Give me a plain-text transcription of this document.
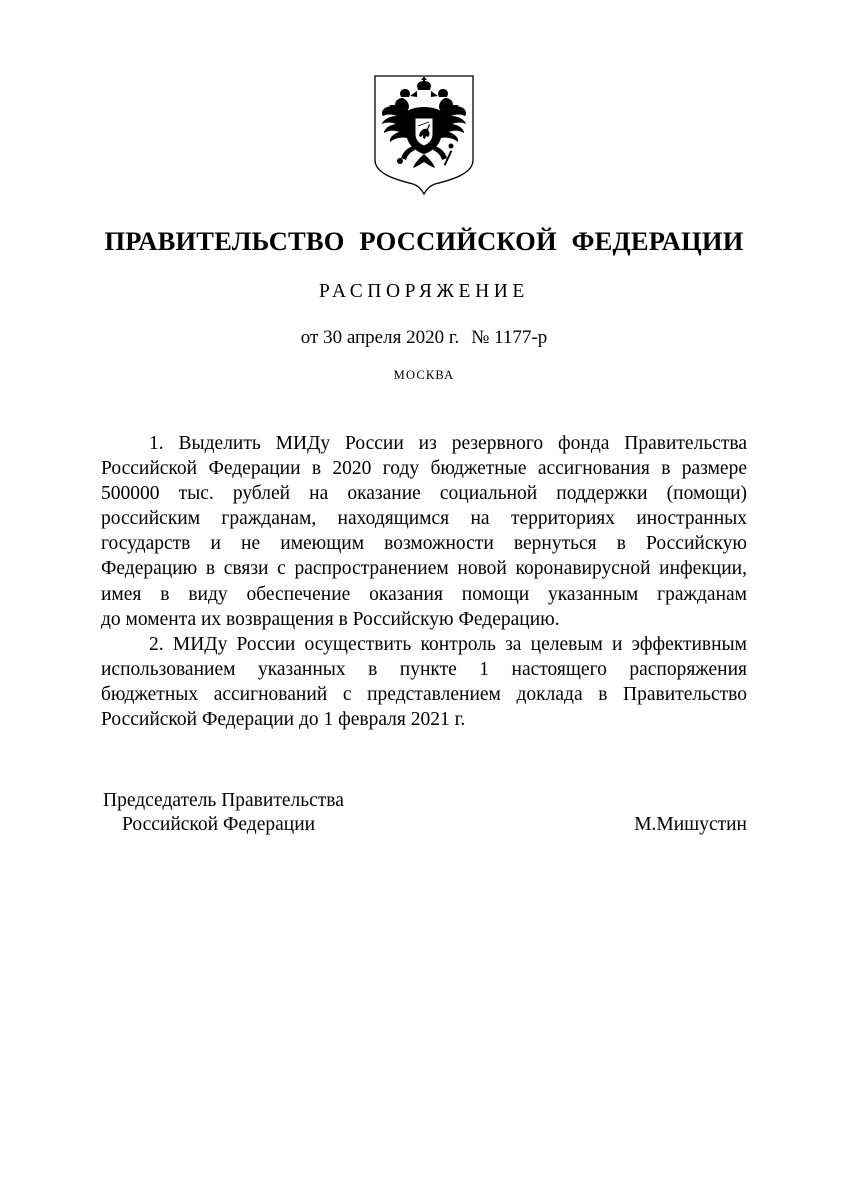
ПРАВИТЕЛЬСТВО РОССИЙСКОЙ ФЕДЕРАЦИИ
РАСПОРЯЖЕНИЕ
от 30 апреля 2020 г. № 1177-р
МОСКВА
1. Выделить МИДу России из резервного фонда Правительства
Российской Федерации в 2020 году бюджетные ассигнования в размере
500000 тыс. рублей на оказание социальной поддержки (помощи)
российским гражданам, находящимся на территориях иностранных
государств и не имеющим возможности вернуться в Российскую
Федерацию в связи с распространением новой коронавирусной инфекции,
имея в виду обеспечение оказания помощи указанным гражданам
до момента их возвращения в Российскую Федерацию.
2. МИДу России осуществить контроль за целевым и эффективным
использованием указанных в пункте 1 настоящего распоряжения
бюджетных ассигнований с представлением доклада в Правительство
Российской Федерации до 1 февраля 2021 г.
Председатель Правительства
Российской Федерации	М.Мишустин
